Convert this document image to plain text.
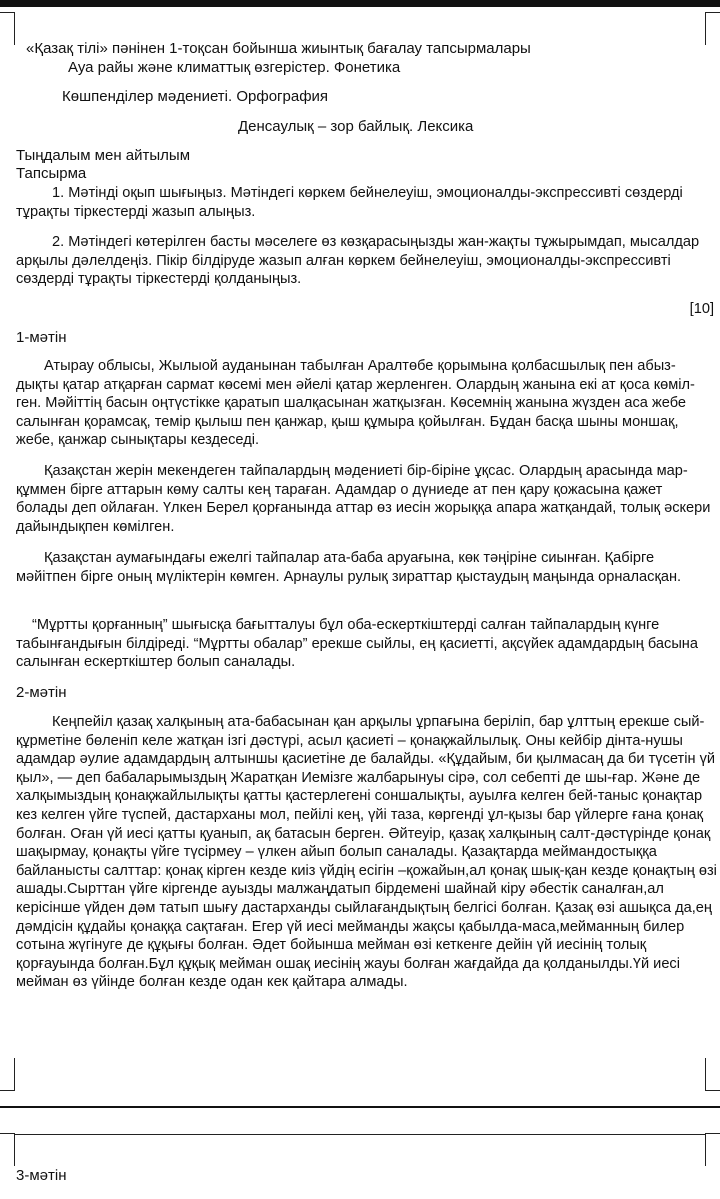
«Қазақ тілі» пәнінен 1-тоқсан бойынша жиынтық бағалау тапсырмалары
Ауа райы және климаттық өзгерістер. Фонетика
Көшпенділер мәдениеті. Орфография
Денсаулық – зор байлық. Лексика
Тыңдалым мен айтылым
Тапсырма

1. Мәтінді оқып шығыңыз. Мәтіндегі көркем бейнелеуіш, эмоционалды-экспрессивті сөздерді тұрақты тіркестерді жазып алыңыз.

2. Мәтіндегі көтерілген басты мәселеге өз көзқарасыңызды жан-жақты тұжырымдап, мысалдар арқылы дәлелдеңіз. Пікір білдіруде жазып алған көркем бейнелеуіш, эмоционалды-экспрессивті сөздерді тұрақты тіркестерді қолданыңыз.

[10]
1-мәтін

Атырау облысы, Жылыой ауданынан табылған Аралтөбе қорымына қолбасшылық пен абыз-дықты қатар атқарған сармат көсемі мен әйелі қатар жерленген. Олардың жанына екі ат қоса көміл-ген. Мәйіттің басын оңтүстікке қаратып шалқасынан жатқызған. Көсемнің жанына жүзден аса жебе салынған қорамсақ, темір қылыш пен қанжар, қыш құмыра қойылған. Бұдан басқа шыны моншақ, жебе, қанжар сынықтары кездеседі.

Қазақстан жерін мекендеген тайпалардың мәдениеті бір-біріне ұқсас. Олардың арасында мар-құммен бірге аттарын көму салты кең тараған. Адамдар о дүниеде ат пен қару қожасына қажет болады деп ойлаған. Үлкен Берел қорғанында аттар өз иесін жорыққа апара жатқандай, толық әскери дайындықпен көмілген.

Қазақстан аумағындағы ежелгі тайпалар ата-баба аруағына, көк тәңіріне сиынған. Қабірге мәйітпен бірге оның мүліктерін көмген. Арнаулы рулық зираттар қыстаудың маңында орналасқан.

“Мұртты қорғанның” шығысқа бағытталуы бұл оба-ескерткіштерді салған тайпалардың күнге табынғандығын білдіреді. “Мұртты обалар” ерекше сыйлы, ең қасиетті, ақсүйек адамдардың басына салынған ескерткіштер болып саналады.

2-мәтін

Кеңпейіл қазақ халқының ата-бабасынан қан арқылы ұрпағына беріліп, бар ұлттың ерекше сый-құрметіне бөленіп келе жатқан ізгі дәстүрі, асыл қасиеті – қонақжайлылық. Оны кейбір дінта-нушы адамдар әулие адамдардың алтыншы қасиетіне де балайды. «Құдайым, би қылмасаң да би түсетін үй қыл», — деп бабаларымыздың Жаратқан Иемізге жалбарынуы сірә, сол себепті де шы-ғар. Және де халқымыздың қонақжайлылықты қатты қастерлегені соншалықты, ауылға келген бей-таныс қонақтар кез келген үйге түспей, дастарханы мол, пейілі кең, үйі таза, көргенді ұл-қызы бар үйлерге ғана қонақ болған. Оған үй иесі қатты қуанып, ақ батасын берген. Әйтеуір, қазақ халқының салт-дәстүрінде қонақ шақырмау, қонақты үйге түсірмеу – үлкен айып болып саналады. Қазақтарда меймандостыққа байланысты салттар: қонақ кірген кезде киіз үйдің есігін –қожайын,ал қонақ шық-қан кезде қонақтың өзі ашады.Сырттан үйге кіргенде ауызды малжаңдатып бірдемені шайнай кіру әбестік саналған,ал керісінше үйден дәм татып шығу дастарханды сыйлағандықтың белгісі болған. Қазақ өзі ашықса да,ең дәмдісін құдайы қонаққа сақтаған. Егер үй иесі мейманды жақсы қабылда-маса,мейманның билер сотына жүгінуге де құқығы болған. Әдет бойынша мейман өзі кеткенге дейін үй иесінің толық қорғауында болған.Бұл құқық мейман ошақ иесінің жауы болған жағдайда да қолданылды.Үй иесі мейман өз үйінде болған кезде одан кек қайтара алмады.

3-мәтін
